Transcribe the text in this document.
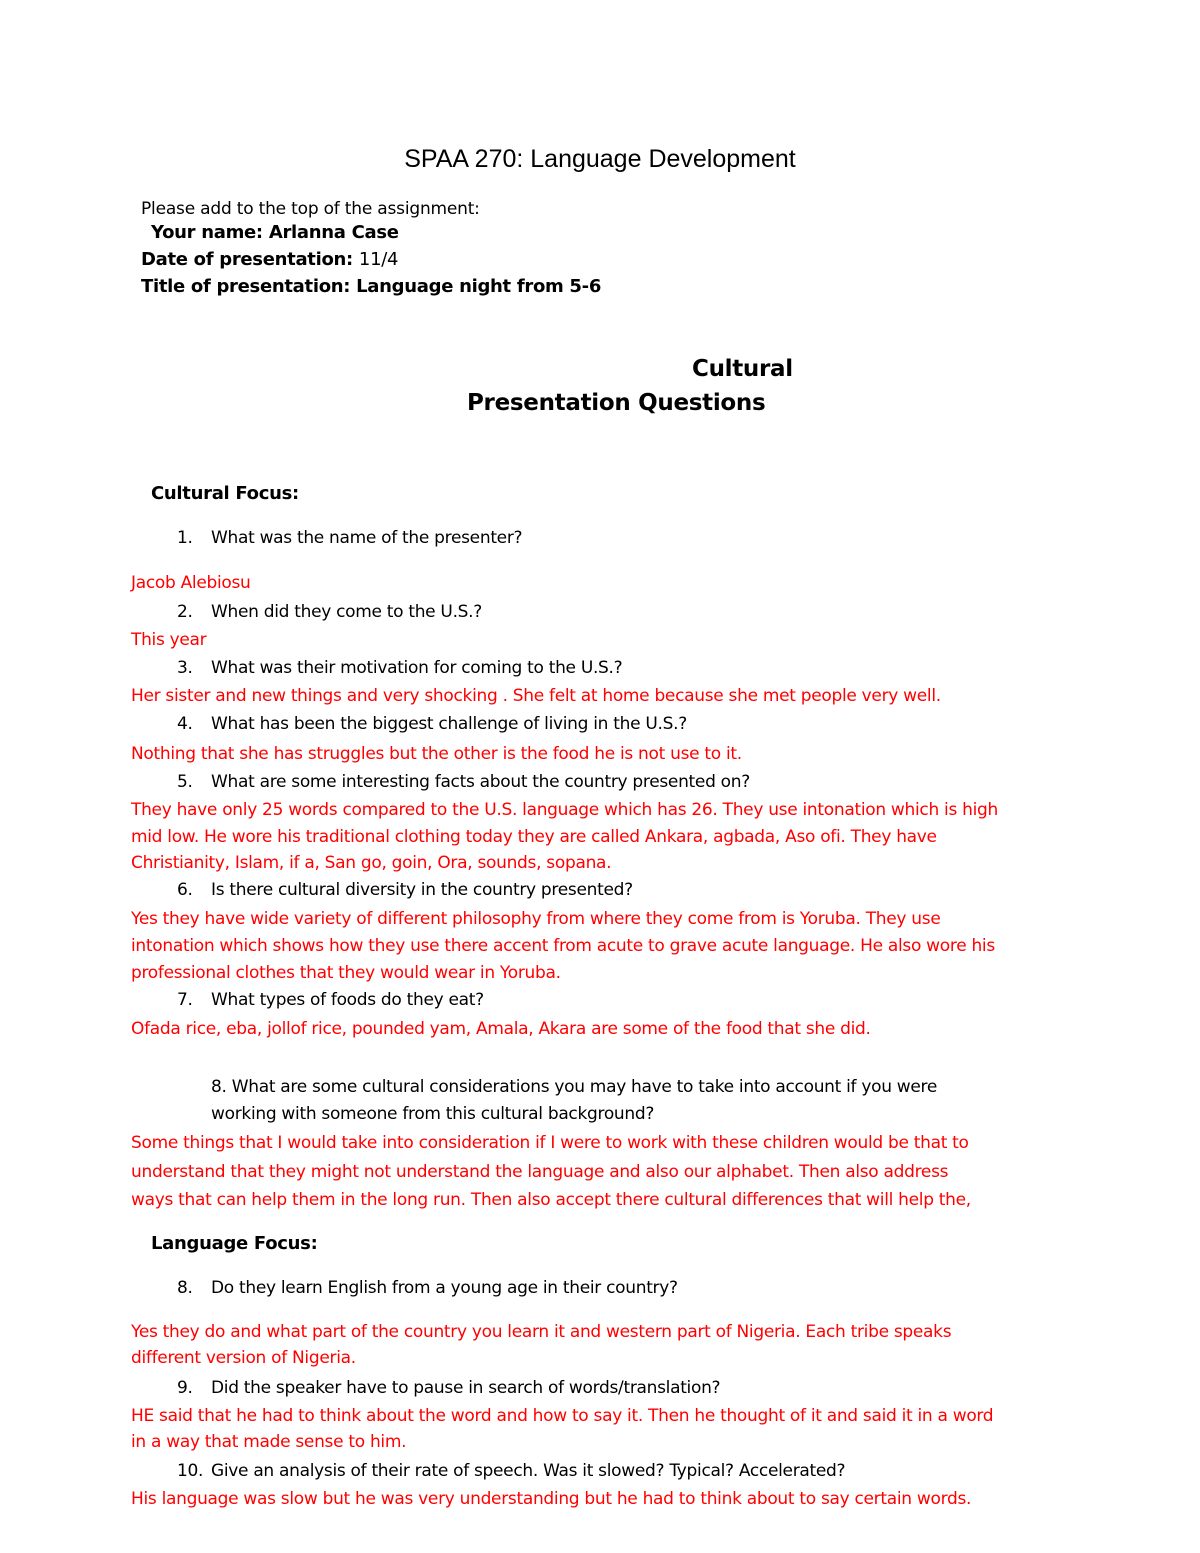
SPAA 270: Language Development
Please add to the top of the assignment:
Your name: Arlanna Case
Date of presentation: 11/4
Title of presentation: Language night from 5-6
Cultural
Presentation Questions
Cultural Focus:
1. What was the name of the presenter?
Jacob Alebiosu
2. When did they come to the U.S.?
This year
3. What was their motivation for coming to the U.S.?
Her sister and new things and very shocking . She felt at home because she met people very well.
4. What has been the biggest challenge of living in the U.S.?
Nothing that she has struggles but the other is the food he is not use to it.
5. What are some interesting facts about the country presented on?
They have only 25 words compared to the U.S. language which has 26. They use intonation which is high
mid low. He wore his traditional clothing today they are called Ankara, agbada, Aso ofi. They have
Christianity, Islam, if a, San go, goin, Ora, sounds, sopana.
6. Is there cultural diversity in the country presented?
Yes they have wide variety of different philosophy from where they come from is Yoruba. They use
intonation which shows how they use there accent from acute to grave acute language. He also wore his
professional clothes that they would wear in Yoruba.
7. What types of foods do they eat?
Ofada rice, eba, jollof rice, pounded yam, Amala, Akara are some of the food that she did.
8. What are some cultural considerations you may have to take into account if you were
working with someone from this cultural background?
Some things that I would take into consideration if I were to work with these children would be that to
understand that they might not understand the language and also our alphabet. Then also address
ways that can help them in the long run. Then also accept there cultural differences that will help the,
Language Focus:
8. Do they learn English from a young age in their country?
Yes they do and what part of the country you learn it and western part of Nigeria. Each tribe speaks
different version of Nigeria.
9. Did the speaker have to pause in search of words/translation?
HE said that he had to think about the word and how to say it. Then he thought of it and said it in a word
in a way that made sense to him.
10. Give an analysis of their rate of speech. Was it slowed? Typical? Accelerated?
His language was slow but he was very understanding but he had to think about to say certain words.
